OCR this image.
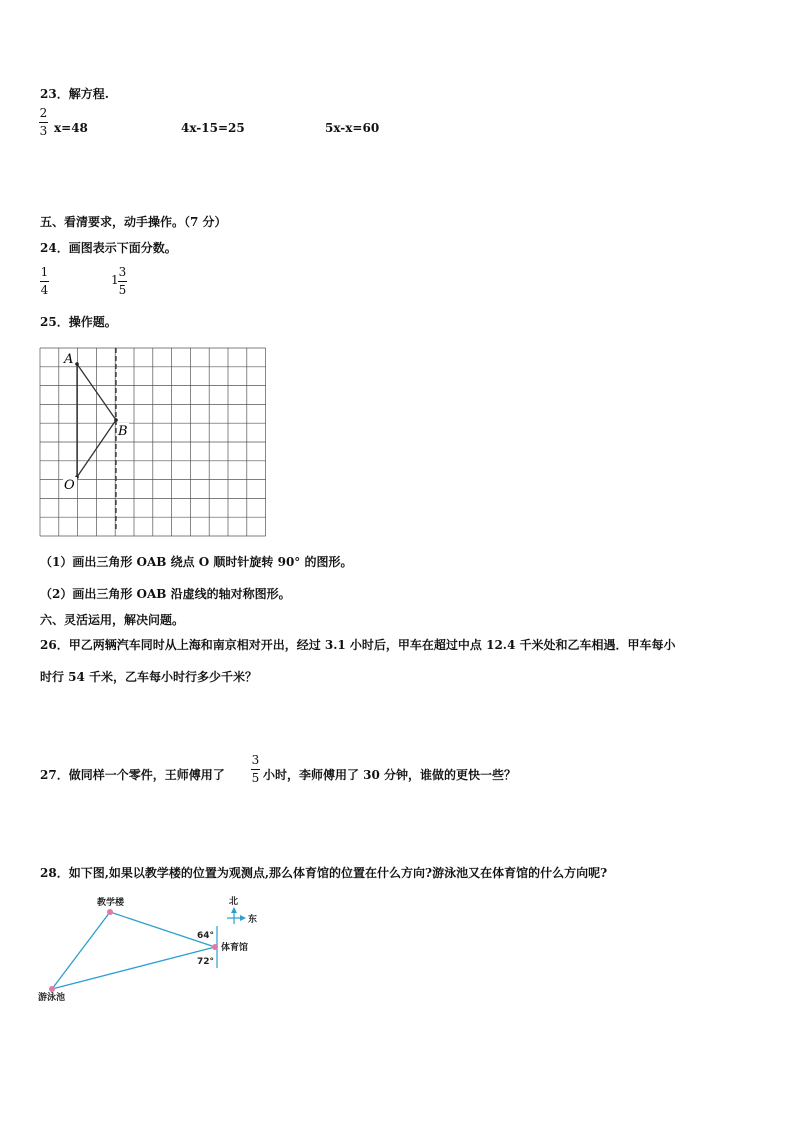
23．解方程.
2
3 x=48	4x-15=25	5x-x=60
五、看清要求，动手操作。（7 分）
24．画图表示下面分数。
1
4
1
3
5
25．操作题。
A
B
O
（1）画出三角形 OAB 绕点 O 顺时针旋转 90° 的图形。
（2）画出三角形 OAB 沿虚线的轴对称图形。
六、灵活运用，解决问题。
26．甲乙两辆汽车同时从上海和南京相对开出，经过 3.1 小时后，甲车在超过中点 12.4 千米处和乙车相遇．甲车每小
时行 54 千米，乙车每小时行多少千米？
27．做同样一个零件，王师傅用了
3
5 小时，李师傅用了 30 分钟，谁做的更快一些？
28．如下图,如果以教学楼的位置为观测点,那么体育馆的位置在什么方向?游泳池又在体育馆的什么方向呢?
北
东
教学楼
体育馆
游泳池
64°
72°
